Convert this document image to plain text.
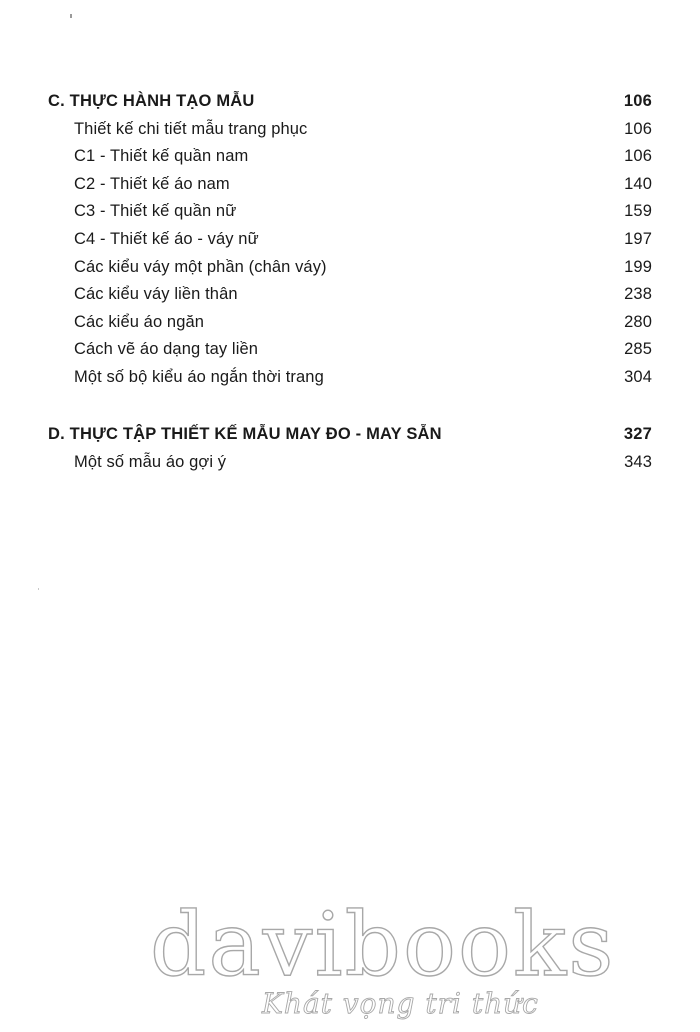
C. THỰC HÀNH TẠO MẪU	106
Thiết kế chi tiết mẫu trang phục	106
C1 - Thiết kế quần nam	106
C2 - Thiết kế áo nam	140
C3 - Thiết kế quần nữ	159
C4 - Thiết kế áo - váy nữ	197
Các kiểu váy một phần (chân váy)	199
Các kiểu váy liền thân	238
Các kiểu áo ngăn	280
Cách vẽ áo dạng tay liền	285
Một số bộ kiểu áo ngắn thời trang	304
D. THỰC TẬP THIẾT KẾ MẪU MAY ĐO - MAY SẴN	327
Một số mẫu áo gợi ý	343
davibooks
Khát vọng tri thức
